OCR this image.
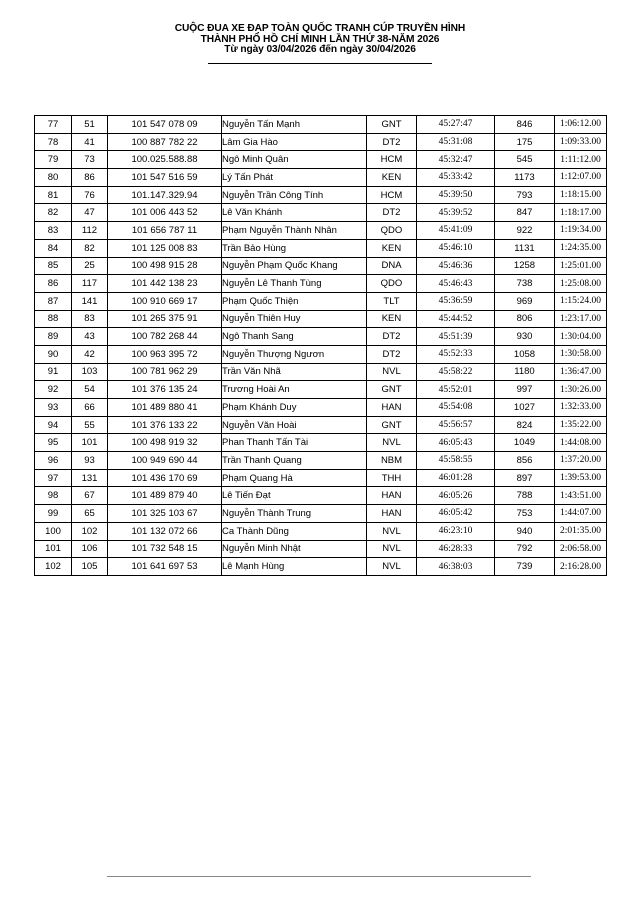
CUỘC ĐUA XE ĐẠP TOÀN QUỐC TRANH CÚP TRUYỀN HÌNH
THÀNH PHỐ HỒ CHÍ MINH LẦN THỨ 38-NĂM 2026
Từ ngày 03/04/2026 đến ngày 30/04/2026
77	51	101 547 078 09	Nguyễn Tấn Mạnh	GNT	45:27:47	846	1:06:12.00
78	41	100 887 782 22	Lâm Gia Hào	DT2	45:31:08	175	1:09:33.00
79	73	100.025.588.88	Ngô Minh Quân	HCM	45:32:47	545	1:11:12.00
80	86	101 547 516 59	Lý Tấn Phát	KEN	45:33:42	1173	1:12:07.00
81	76	101.147.329.94	Nguyễn Trần Công Tính	HCM	45:39:50	793	1:18:15.00
82	47	101 006 443 52	Lê Văn Khánh	DT2	45:39:52	847	1:18:17.00
83	112	101 656 787 11	Phạm Nguyễn Thành Nhân	QDO	45:41:09	922	1:19:34.00
84	82	101 125 008 83	Trần Bảo Hùng	KEN	45:46:10	1131	1:24:35.00
85	25	100 498 915 28	Nguyễn Phạm Quốc Khang	DNA	45:46:36	1258	1:25:01.00
86	117	101 442 138 23	Nguyễn Lê Thanh Tùng	QDO	45:46:43	738	1:25:08.00
87	141	100 910 669 17	Phạm Quốc Thiện	TLT	45:36:59	969	1:15:24.00
88	83	101 265 375 91	Nguyễn Thiên Huy	KEN	45:44:52	806	1:23:17.00
89	43	100 782 268 44	Ngô Thanh Sang	DT2	45:51:39	930	1:30:04.00
90	42	100 963 395 72	Nguyễn Thượng Ngươn	DT2	45:52:33	1058	1:30:58.00
91	103	100 781 962 29	Trần Văn Nhã	NVL	45:58:22	1180	1:36:47.00
92	54	101 376 135 24	Trương Hoài An	GNT	45:52:01	997	1:30:26.00
93	66	101 489 880 41	Phạm Khánh Duy	HAN	45:54:08	1027	1:32:33.00
94	55	101 376 133 22	Nguyễn Văn Hoài	GNT	45:56:57	824	1:35:22.00
95	101	100 498 919 32	Phan Thanh Tấn Tài	NVL	46:05:43	1049	1:44:08.00
96	93	100 949 690 44	Trần Thanh Quang	NBM	45:58:55	856	1:37:20.00
97	131	101 436 170 69	Phạm Quang Hà	THH	46:01:28	897	1:39:53.00
98	67	101 489 879 40	Lê Tiến Đạt	HAN	46:05:26	788	1:43:51.00
99	65	101 325 103 67	Nguyễn Thành Trung	HAN	46:05:42	753	1:44:07.00
100	102	101 132 072 66	Ca Thành Dũng	NVL	46:23:10	940	2:01:35.00
101	106	101 732 548 15	Nguyễn Minh Nhật	NVL	46:28:33	792	2:06:58.00
102	105	101 641 697 53	Lê Mạnh Hùng	NVL	46:38:03	739	2:16:28.00
